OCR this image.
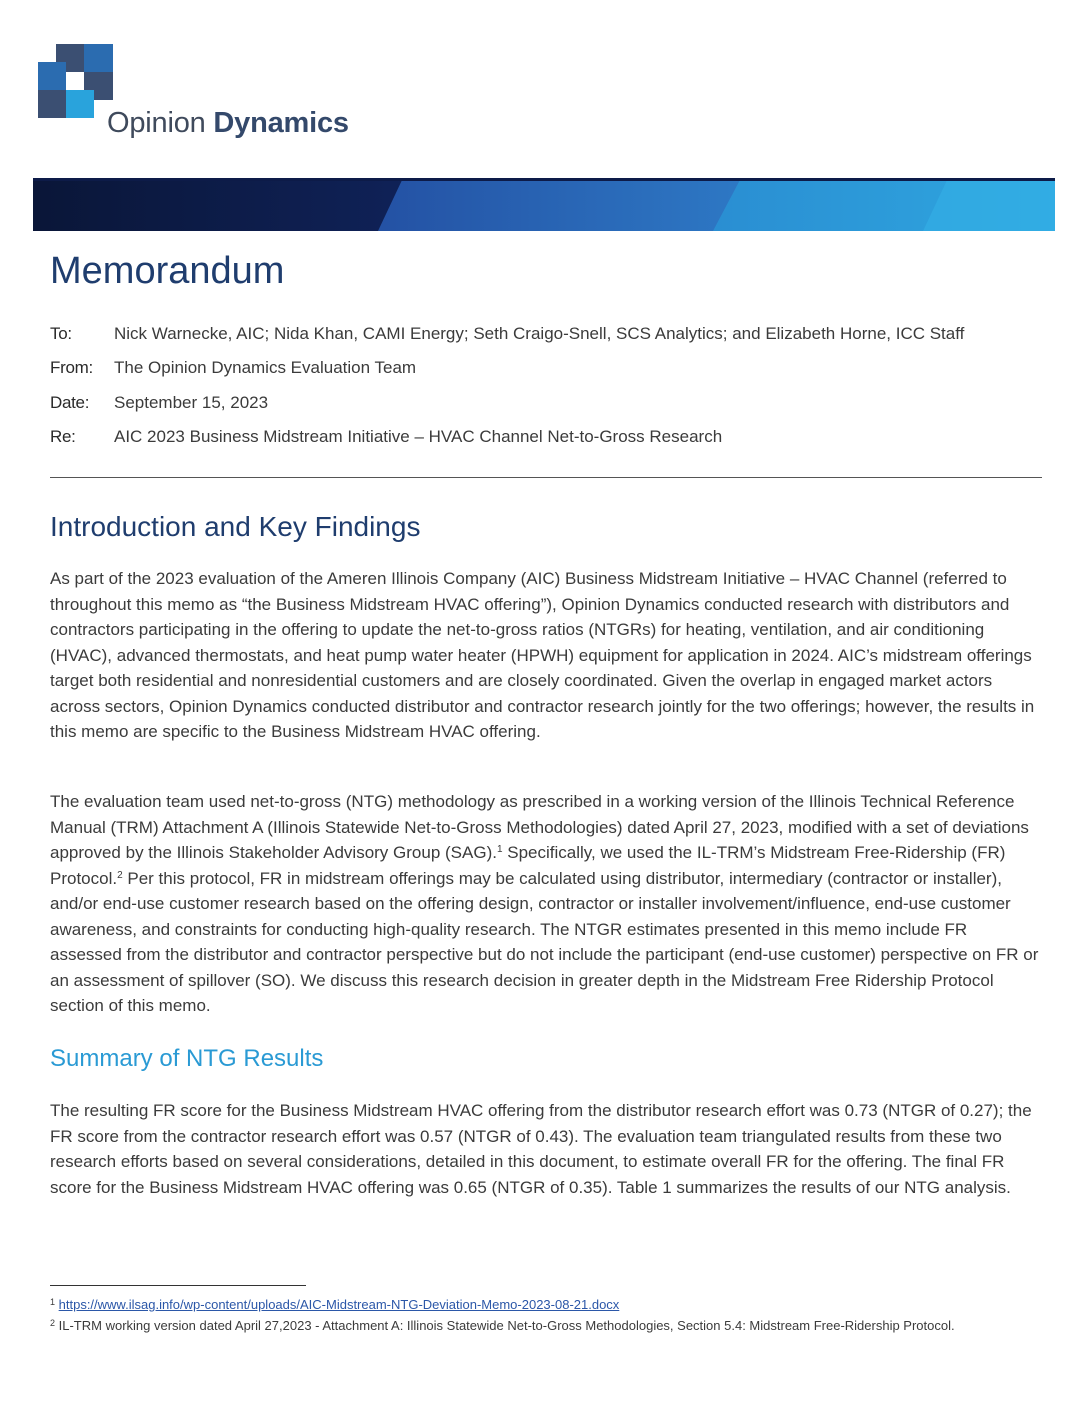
Opinion Dynamics
Memorandum
To: Nick Warnecke, AIC; Nida Khan, CAMI Energy; Seth Craigo-Snell, SCS Analytics; and Elizabeth Horne, ICC Staff
From: The Opinion Dynamics Evaluation Team
Date: September 15, 2023
Re: AIC 2023 Business Midstream Initiative – HVAC Channel Net-to-Gross Research
Introduction and Key Findings

As part of the 2023 evaluation of the Ameren Illinois Company (AIC) Business Midstream Initiative – HVAC Channel (referred to throughout this memo as “the Business Midstream HVAC offering”), Opinion Dynamics conducted research with distributors and contractors participating in the offering to update the net-to-gross ratios (NTGRs) for heating, ventilation, and air conditioning (HVAC), advanced thermostats, and heat pump water heater (HPWH) equipment for application in 2024. AIC’s midstream offerings target both residential and nonresidential customers and are closely coordinated. Given the overlap in engaged market actors across sectors, Opinion Dynamics conducted distributor and contractor research jointly for the two offerings; however, the results in this memo are specific to the Business Midstream HVAC offering.

The evaluation team used net-to-gross (NTG) methodology as prescribed in a working version of the Illinois Technical Reference Manual (TRM) Attachment A (Illinois Statewide Net-to-Gross Methodologies) dated April 27, 2023, modified with a set of deviations approved by the Illinois Stakeholder Advisory Group (SAG).$^1$ Specifically, we used the IL-TRM’s Midstream Free-Ridership (FR) Protocol.$^2$ Per this protocol, FR in midstream offerings may be calculated using distributor, intermediary (contractor or installer), and/or end-use customer research based on the offering design, contractor or installer involvement/influence, end-use customer awareness, and constraints for conducting high-quality research. The NTGR estimates presented in this memo include FR assessed from the distributor and contractor perspective but do not include the participant (end-use customer) perspective on FR or an assessment of spillover (SO). We discuss this research decision in greater depth in the Midstream Free Ridership Protocol section of this memo.

Summary of NTG Results

The resulting FR score for the Business Midstream HVAC offering from the distributor research effort was 0.73 (NTGR of 0.27); the FR score from the contractor research effort was 0.57 (NTGR of 0.43). The evaluation team triangulated results from these two research efforts based on several considerations, detailed in this document, to estimate overall FR for the offering. The final FR score for the Business Midstream HVAC offering was 0.65 (NTGR of 0.35). Table 1 summarizes the results of our NTG analysis.

$^1$ https://www.ilsag.info/wp-content/uploads/AIC-Midstream-NTG-Deviation-Memo-2023-08-21.docx

$^2$ IL-TRM working version dated April 27,2023 - Attachment A: Illinois Statewide Net-to-Gross Methodologies, Section 5.4: Midstream Free-Ridership Protocol.
